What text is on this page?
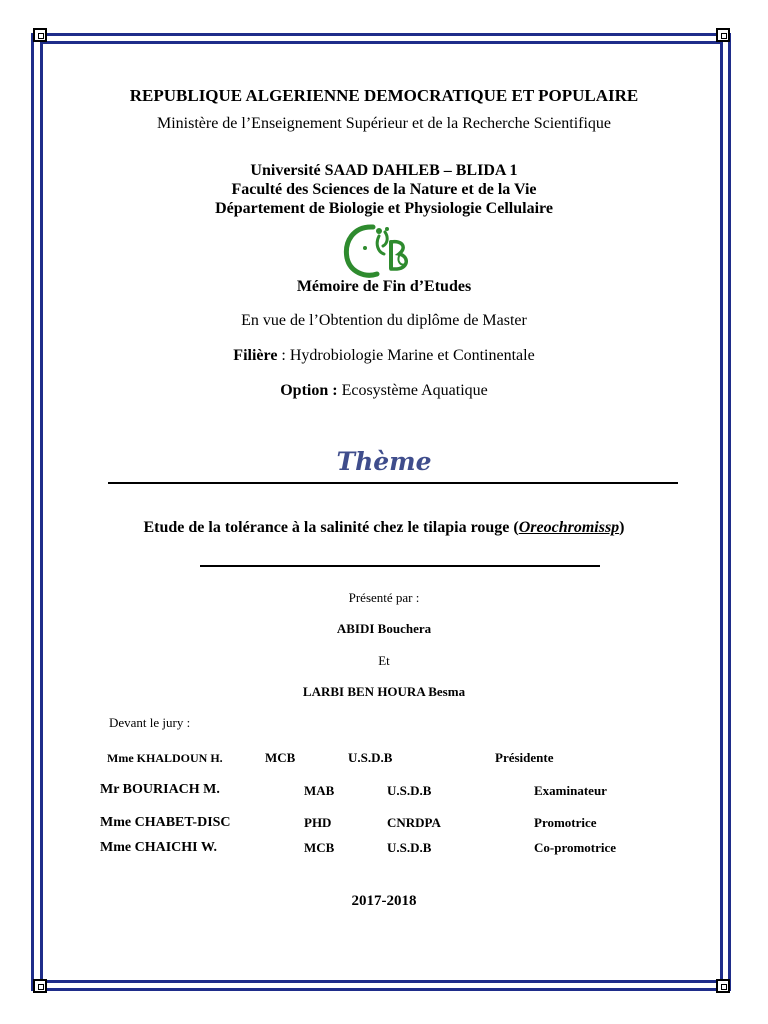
REPUBLIQUE ALGERIENNE DEMOCRATIQUE ET POPULAIRE
Ministère de l’Enseignement Supérieur et de la Recherche Scientifique
Université SAAD DAHLEB – BLIDA 1
Faculté des Sciences de la Nature et de la Vie
Département de Biologie et Physiologie Cellulaire
Mémoire de Fin d’Etudes
En vue de l’Obtention du diplôme de Master
Filière : Hydrobiologie Marine et Continentale
Option : Ecosystème Aquatique
Thème
Etude de la tolérance à la salinité chez le tilapia rouge (Oreochromissp)
Présenté par :
ABIDI Bouchera
Et
LARBI BEN HOURA Besma
Devant le jury :
Mme KHALDOUN H.	MCB	U.S.D.B	Présidente
Mr BOURIACH M.	MAB	U.S.D.B	Examinateur
Mme CHABET-DISC	PHD	CNRDPA	Promotrice
Mme CHAICHI W.	MCB	U.S.D.B	Co-promotrice
2017-2018
